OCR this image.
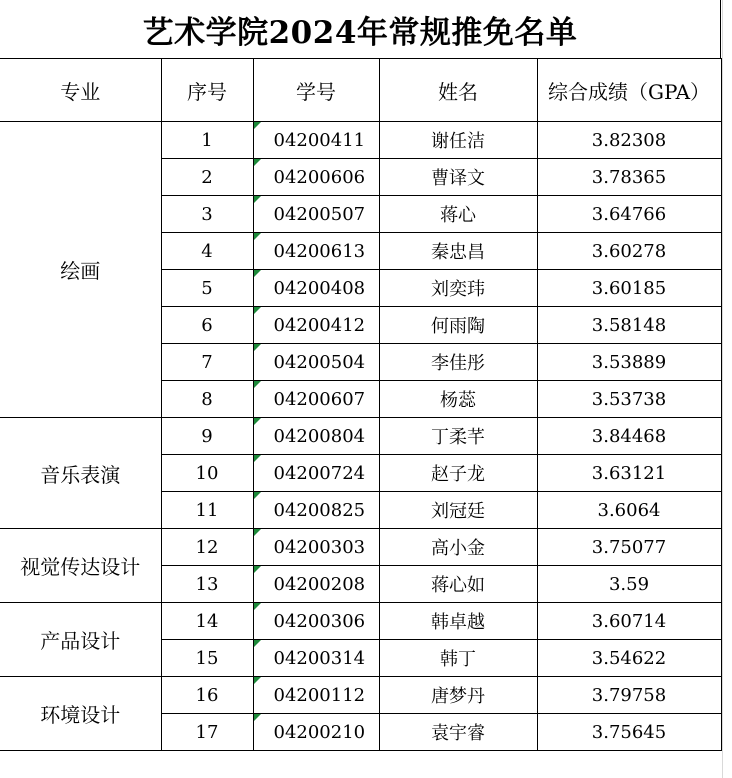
艺术学院2024年常规推免名单
专业	序号	学号	姓名	综合成绩（GPA）
绘画	1	04200411	谢任洁	3.82308
	2	04200606	曹译文	3.78365
	3	04200507	蒋心	3.64766
	4	04200613	秦忠昌	3.60278
	5	04200408	刘奕玮	3.60185
	6	04200412	何雨陶	3.58148
	7	04200504	李佳彤	3.53889
	8	04200607	杨蕊	3.53738
音乐表演	9	04200804	丁柔芊	3.84468
	10	04200724	赵子龙	3.63121
	11	04200825	刘冠廷	3.6064
视觉传达设计	12	04200303	高小金	3.75077
	13	04200208	蒋心如	3.59
产品设计	14	04200306	韩卓越	3.60714
	15	04200314	韩丁	3.54622
环境设计	16	04200112	唐梦丹	3.79758
	17	04200210	袁宇睿	3.75645
